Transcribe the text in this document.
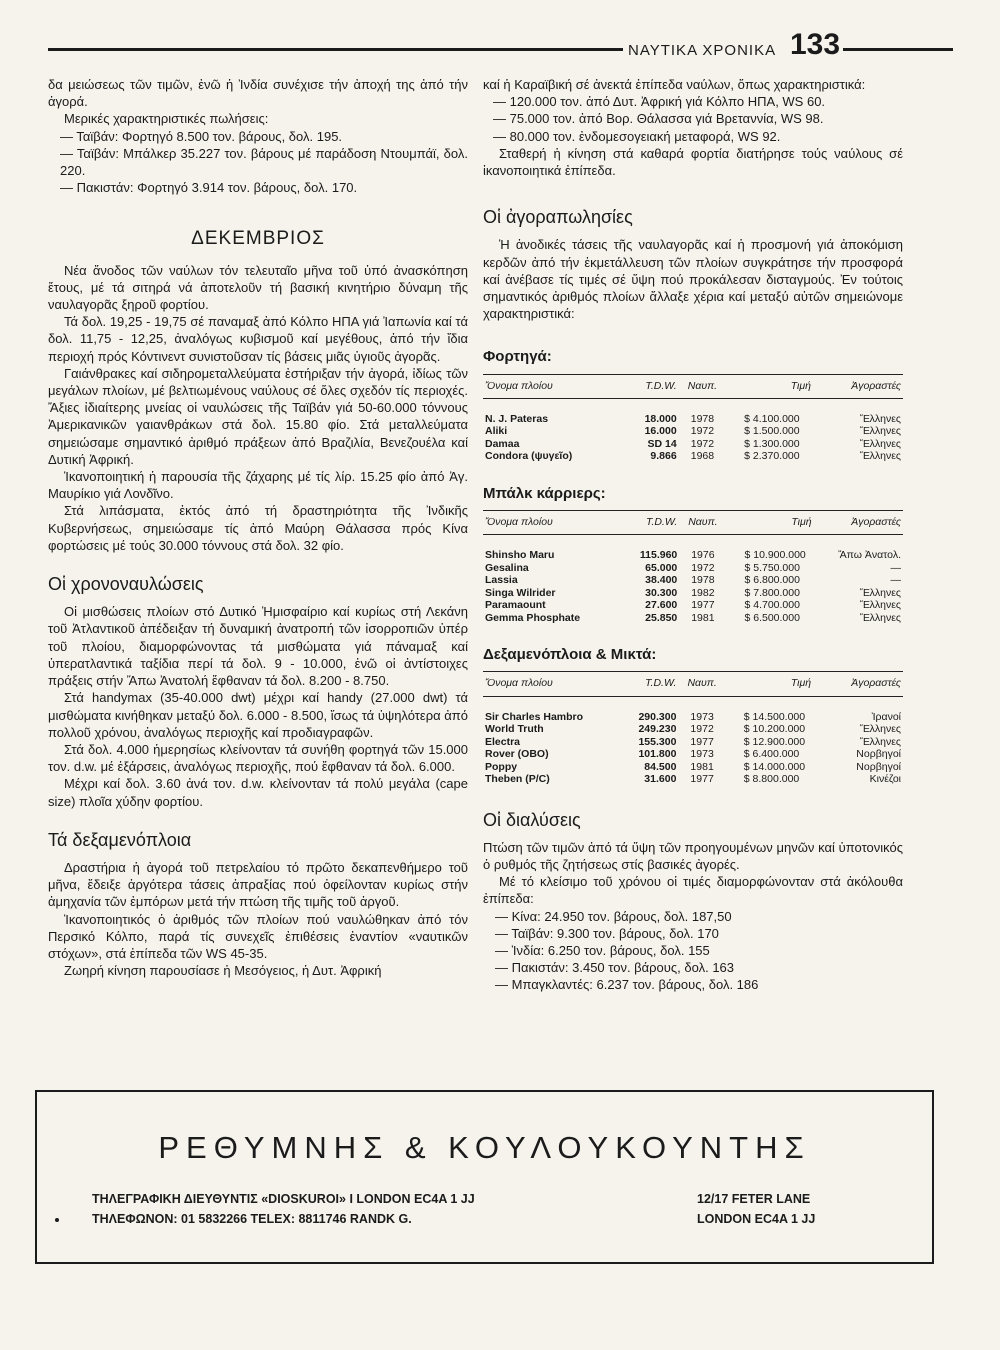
ΝΑΥΤΙΚΑ ΧΡΟΝΙΚΑ 133

δα μειώσεως τῶν τιμῶν, ἐνῶ ἡ Ἰνδία συνέχισε τήν ἀποχή της ἀπό τήν ἀγορά.

Μερικές χαρακτηριστικές πωλήσεις:

— Ταϊβάν: Φορτηγό 8.500 τον. βάρους, δολ. 195.

— Ταϊβάν: Μπάλκερ 35.227 τον. βάρους μέ παράδοση Ντουμπάϊ, δολ. 220.

— Πακιστάν: Φορτηγό 3.914 τον. βάρους, δολ. 170.

ΔΕΚΕΜΒΡΙΟΣ

Νέα ἄνοδος τῶν ναύλων τόν τελευταῖο μῆνα τοῦ ὑπό ἀνασκόπηση ἔτους, μέ τά σιτηρά νά ἀποτελοῦν τή βασική κινητήριο δύναμη τῆς ναυλαγορᾶς ξηροῦ φορτίου.

Τά δολ. 19,25 - 19,75 σέ παναμαξ ἀπό Κόλπο ΗΠΑ γιά Ἰαπωνία καί τά δολ. 11,75 - 12,25, ἀναλόγως κυβισμοῦ καί μεγέθους, ἀπό τήν ἴδια περιοχή πρός Κόντινεντ συνιστοῦσαν τίς βάσεις μιᾶς ὑγιοῦς ἀγορᾶς.

Γαιάνθρακες καί σιδηρομεταλλεύματα ἐστήριξαν τήν ἀγορά, ἰδίως τῶν μεγάλων πλοίων, μέ βελτιωμένους ναύλους σέ ὅλες σχεδόν τίς περιοχές. Ἄξιες ἰδιαίτερης μνείας οἱ ναυλώσεις τῆς Ταϊβάν γιά 50-60.000 τόννους Ἀμερικανικῶν γαιανθράκων στά δολ. 15.80 φίο. Στά μεταλλεύματα σημειώσαμε σημαντικό ἀριθμό πράξεων ἀπό Βραζιλία, Βενεζουέλα καί Δυτική Ἀφρική.

Ἱκανοποιητική ἡ παρουσία τῆς ζάχαρης μέ τίς λίρ. 15.25 φίο ἀπό Ἀγ. Μαυρίκιο γιά Λονδῖνο.

Στά λιπάσματα, ἐκτός ἀπό τή δραστηριότητα τῆς Ἰνδικῆς Κυβερνήσεως, σημειώσαμε τίς ἀπό Μαύρη Θάλασσα πρός Κίνα φορτώσεις μέ τούς 30.000 τόννους στά δολ. 32 φίο.

Οἱ χρονοναυλώσεις

Οἱ μισθώσεις πλοίων στό Δυτικό Ἡμισφαίριο καί κυρίως στή Λεκάνη τοῦ Ἀτλαντικοῦ ἀπέδειξαν τή δυναμική ἀνατροπή τῶν ἰσορροπιῶν ὑπέρ τοῦ πλοίου, διαμορφώνοντας τά μισθώματα γιά πάναμαξ καί ὑπερατλαντικά ταξίδια περί τά δολ. 9 - 10.000, ἐνῶ οἱ ἀντίστοιχες πράξεις στήν Ἄπω Ἀνατολή ἔφθαναν τά δολ. 8.200 - 8.750.

Στά handymax (35-40.000 dwt) μέχρι καί handy (27.000 dwt) τά μισθώματα κινήθηκαν μεταξύ δολ. 6.000 - 8.500, ἴσως τά ὑψηλότερα ἀπό πολλοῦ χρόνου, ἀναλόγως περιοχῆς καί προδιαγραφῶν.

Στά δολ. 4.000 ἡμερησίως κλείνονταν τά συνήθη φορτηγά τῶν 15.000 τον. d.w. μέ ἐξάρσεις, ἀναλόγως περιοχῆς, πού ἔφθαναν τά δολ. 6.000.

Μέχρι καί δολ. 3.60 ἀνά τον. d.w. κλείνονταν τά πολύ μεγάλα (cape size) πλοῖα χύδην φορτίου.

Τά δεξαμενόπλοια

Δραστήρια ἡ ἀγορά τοῦ πετρελαίου τό πρῶτο δεκαπενθήμερο τοῦ μῆνα, ἔδειξε ἀργότερα τάσεις ἀπραξίας πού ὀφείλονταν κυρίως στήν ἀμηχανία τῶν ἐμπόρων μετά τήν πτώση τῆς τιμῆς τοῦ ἀργοῦ.

Ἱκανοποιητικός ὁ ἀριθμός τῶν πλοίων πού ναυλώθηκαν ἀπό τόν Περσικό Κόλπο, παρά τίς συνεχεῖς ἐπιθέσεις ἐναντίον «ναυτικῶν στόχων», στά ἐπίπεδα τῶν WS 45-35.

Ζωηρή κίνηση παρουσίασε ἡ Μεσόγειος, ἡ Δυτ. Ἀφρική

καί ἡ Καραϊβική σέ ἀνεκτά ἐπίπεδα ναύλων, ὅπως χαρακτηριστικά:

— 120.000 τον. ἀπό Δυτ. Ἀφρική γιά Κόλπο ΗΠΑ, WS 60.

— 75.000 τον. ἀπό Βορ. Θάλασσα γιά Βρεταννία, WS 98.

— 80.000 τον. ἐνδομεσογειακή μεταφορά, WS 92.

Σταθερή ἡ κίνηση στά καθαρά φορτία διατήρησε τούς ναύλους σέ ἱκανοποιητικά ἐπίπεδα.

Οἱ ἀγοραπωλησίες

Ἡ ἀνοδικές τάσεις τῆς ναυλαγορᾶς καί ἡ προσμονή γιά ἀποκόμιση κερδῶν ἀπό τήν ἐκμετάλλευση τῶν πλοίων συγκράτησε τήν προσφορά καί ἀνέβασε τίς τιμές σέ ὕψη πού προκάλεσαν δισταγμούς. Ἐν τούτοις σημαντικός ἀριθμός πλοίων ἄλλαξε χέρια καί μεταξύ αὐτῶν σημειώνομε χαρακτηριστικά:

Φορτηγά:
Ὄνομα πλοίου	T.D.W.	Ναυπ.	Τιμή	Ἀγοραστές
N. J. Pateras	18.000	1978	$ 4.100.000	Ἕλληνες
Aliki	16.000	1972	$ 1.500.000	Ἕλληνες
Damaa	SD 14	1972	$ 1.300.000	Ἕλληνες
Condora (ψυγεῖο)	9.866	1968	$ 2.370.000	Ἕλληνες
Μπάλκ κάρριερς:
Ὄνομα πλοίου	T.D.W.	Ναυπ.	Τιμή	Ἀγοραστές
Shinsho Maru	115.960	1976	$ 10.900.000	Ἄπω Ἀνατολ.
Gesalina	65.000	1972	$ 5.750.000	—
Lassia	38.400	1978	$ 6.800.000	—
Singa Wilrider	30.300	1982	$ 7.800.000	Ἕλληνες
Paramaount	27.600	1977	$ 4.700.000	Ἕλληνες
Gemma Phosphate	25.850	1981	$ 6.500.000	Ἕλληνες
Δεξαμενόπλοια & Μικτά:
Ὄνομα πλοίου	T.D.W.	Ναυπ.	Τιμή	Ἀγοραστές
Sir Charles Hambro	290.300	1973	$ 14.500.000	Ἰρανοί
World Truth	249.230	1972	$ 10.200.000	Ἕλληνες
Electra	155.300	1977	$ 12.900.000	Ἕλληνες
Rover (OBO)	101.800	1973	$ 6.400.000	Νορβηγοί
Poppy	84.500	1981	$ 14.000.000	Νορβηγοί
Theben (P/C)	31.600	1977	$ 8.800.000	Κινέζοι
Οἱ διαλύσεις

Πτώση τῶν τιμῶν ἀπό τά ὕψη τῶν προηγουμένων μηνῶν καί ὑποτονικός ὁ ρυθμός τῆς ζητήσεως στίς βασικές ἀγορές.

Μέ τό κλείσιμο τοῦ χρόνου οἱ τιμές διαμορφώνονταν στά ἀκόλουθα ἐπίπεδα:

— Κίνα: 24.950 τον. βάρους, δολ. 187,50

— Ταϊβάν: 9.300 τον. βάρους, δολ. 170

— Ἰνδία: 6.250 τον. βάρους, δολ. 155

— Πακιστάν: 3.450 τον. βάρους, δολ. 163

— Μπαγκλαντές: 6.237 τον. βάρους, δολ. 186

ΡΕΘΥΜΝΗΣ & ΚΟΥΛΟΥΚΟΥΝΤΗΣ
ΤΗΛΕΓΡΑΦΙΚΗ ΔΙΕΥΘΥΝΤΙΣ «DIOSKUROI» I LONDON EC4A 1 JJ
ΤΗΛΕΦΩΝΟΝ: 01 5832266 TELEX: 8811746 RANDK G.
12/17 FETER LANE
LONDON EC4A 1 JJ
